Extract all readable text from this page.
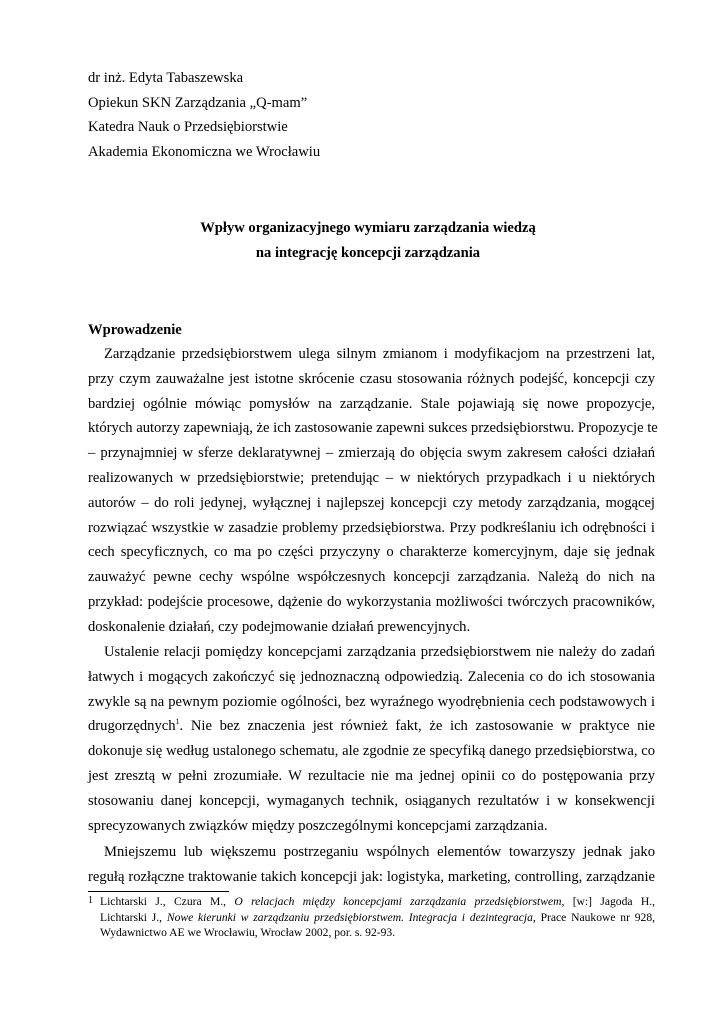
dr inż. Edyta Tabaszewska
Opiekun SKN Zarządzania „Q-mam”
Katedra Nauk o Przedsiębiorstwie
Akademia Ekonomiczna we Wrocławiu
Wpływ organizacyjnego wymiaru zarządzania wiedzą
na integrację koncepcji zarządzania
Wprowadzenie
Zarządzanie przedsiębiorstwem ulega silnym zmianom i modyfikacjom na przestrzeni lat,
przy czym zauważalne jest istotne skrócenie czasu stosowania różnych podejść, koncepcji czy
bardziej ogólnie mówiąc pomysłów na zarządzanie. Stale pojawiają się nowe propozycje,
których autorzy zapewniają, że ich zastosowanie zapewni sukces przedsiębiorstwu. Propozycje te
– przynajmniej w sferze deklaratywnej – zmierzają do objęcia swym zakresem całości działań
realizowanych w przedsiębiorstwie; pretendując – w niektórych przypadkach i u niektórych
autorów – do roli jedynej, wyłącznej i najlepszej koncepcji czy metody zarządzania, mogącej
rozwiązać wszystkie w zasadzie problemy przedsiębiorstwa. Przy podkreślaniu ich odrębności i
cech specyficznych, co ma po części przyczyny o charakterze komercyjnym, daje się jednak
zauważyć pewne cechy wspólne współczesnych koncepcji zarządzania. Należą do nich na
przykład: podejście procesowe, dążenie do wykorzystania możliwości twórczych pracowników,
doskonalenie działań, czy podejmowanie działań prewencyjnych.
Ustalenie relacji pomiędzy koncepcjami zarządzania przedsiębiorstwem nie należy do zadań
łatwych i mogących zakończyć się jednoznaczną odpowiedzią. Zalecenia co do ich stosowania
zwykle są na pewnym poziomie ogólności, bez wyraźnego wyodrębnienia cech podstawowych i
drugorzędnych$^1$. Nie bez znaczenia jest również fakt, że ich zastosowanie w praktyce nie
dokonuje się według ustalonego schematu, ale zgodnie ze specyfiką danego przedsiębiorstwa, co
jest zresztą w pełni zrozumiałe. W rezultacie nie ma jednej opinii co do postępowania przy
stosowaniu danej koncepcji, wymaganych technik, osiąganych rezultatów i w konsekwencji
sprecyzowanych związków między poszczególnymi koncepcjami zarządzania.
Mniejszemu lub większemu postrzeganiu wspólnych elementów towarzyszy jednak jako
regułą rozłączne traktowanie takich koncepcji jak: logistyka, marketing, controlling, zarządzanie
1 Lichtarski J., Czura M., O relacjach między koncepcjami zarządzania przedsiębiorstwem, [w:] Jagoda H.,
Lichtarski J., Nowe kierunki w zarządzaniu przedsiębiorstwem. Integracja i dezintegracja, Prace Naukowe nr 928,
Wydawnictwo AE we Wrocławiu, Wrocław 2002, por. s. 92-93.
